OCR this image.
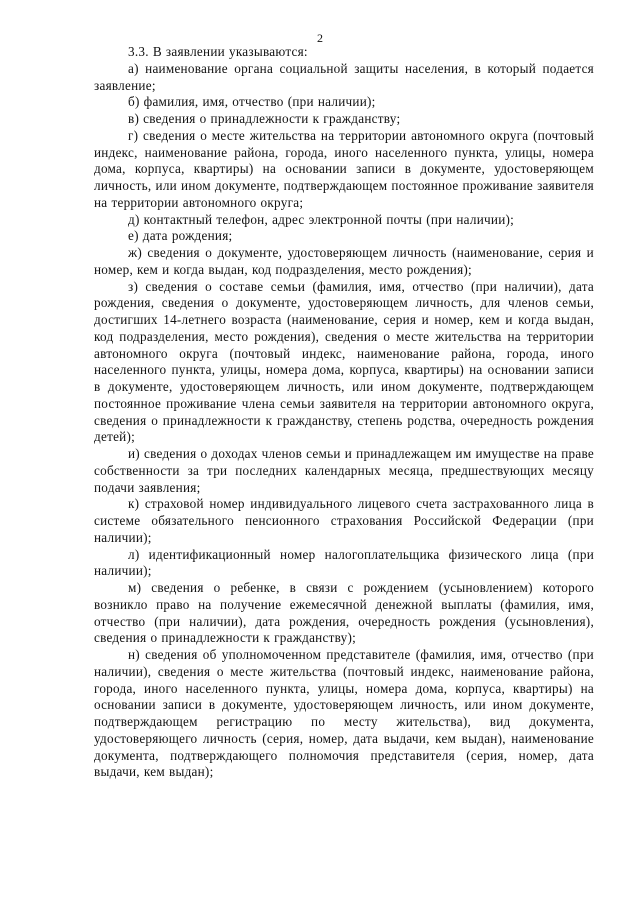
2

3.3. В заявлении указываются:

а) наименование органа социальной защиты населения, в который подается заявление;

б) фамилия, имя, отчество (при наличии);

в) сведения о принадлежности к гражданству;

г) сведения о месте жительства на территории автономного округа (почтовый индекс, наименование района, города, иного населенного пункта, улицы, номера дома, корпуса, квартиры) на основании записи в документе, удостоверяющем личность, или ином документе, подтверждающем постоянное проживание заявителя на территории автономного округа;

д) контактный телефон, адрес электронной почты (при наличии);

е) дата рождения;

ж) сведения о документе, удостоверяющем личность (наименование, серия и номер, кем и когда выдан, код подразделения, место рождения);

з) сведения о составе семьи (фамилия, имя, отчество (при наличии), дата рождения, сведения о документе, удостоверяющем личность, для членов семьи, достигших 14-летнего возраста (наименование, серия и номер, кем и когда выдан, код подразделения, место рождения), сведения о месте жительства на территории автономного округа (почтовый индекс, наименование района, города, иного населенного пункта, улицы, номера дома, корпуса, квартиры) на основании записи в документе, удостоверяющем личность, или ином документе, подтверждающем постоянное проживание члена семьи заявителя на территории автономного округа, сведения о принадлежности к гражданству, степень родства, очередность рождения детей);

и) сведения о доходах членов семьи и принадлежащем им имуществе на праве собственности за три последних календарных месяца, предшествующих месяцу подачи заявления;

к) страховой номер индивидуального лицевого счета застрахованного лица в системе обязательного пенсионного страхования Российской Федерации (при наличии);

л) идентификационный номер налогоплательщика физического лица (при наличии);

м) сведения о ребенке, в связи с рождением (усыновлением) которого возникло право на получение ежемесячной денежной выплаты (фамилия, имя, отчество (при наличии), дата рождения, очередность рождения (усыновления), сведения о принадлежности к гражданству);

н) сведения об уполномоченном представителе (фамилия, имя, отчество (при наличии), сведения о месте жительства (почтовый индекс, наименование района, города, иного населенного пункта, улицы, номера дома, корпуса, квартиры) на основании записи в документе, удостоверяющем личность, или ином документе, подтверждающем регистрацию по месту жительства), вид документа, удостоверяющего личность (серия, номер, дата выдачи, кем выдан), наименование документа, подтверждающего полномочия представителя (серия, номер, дата выдачи, кем выдан);
